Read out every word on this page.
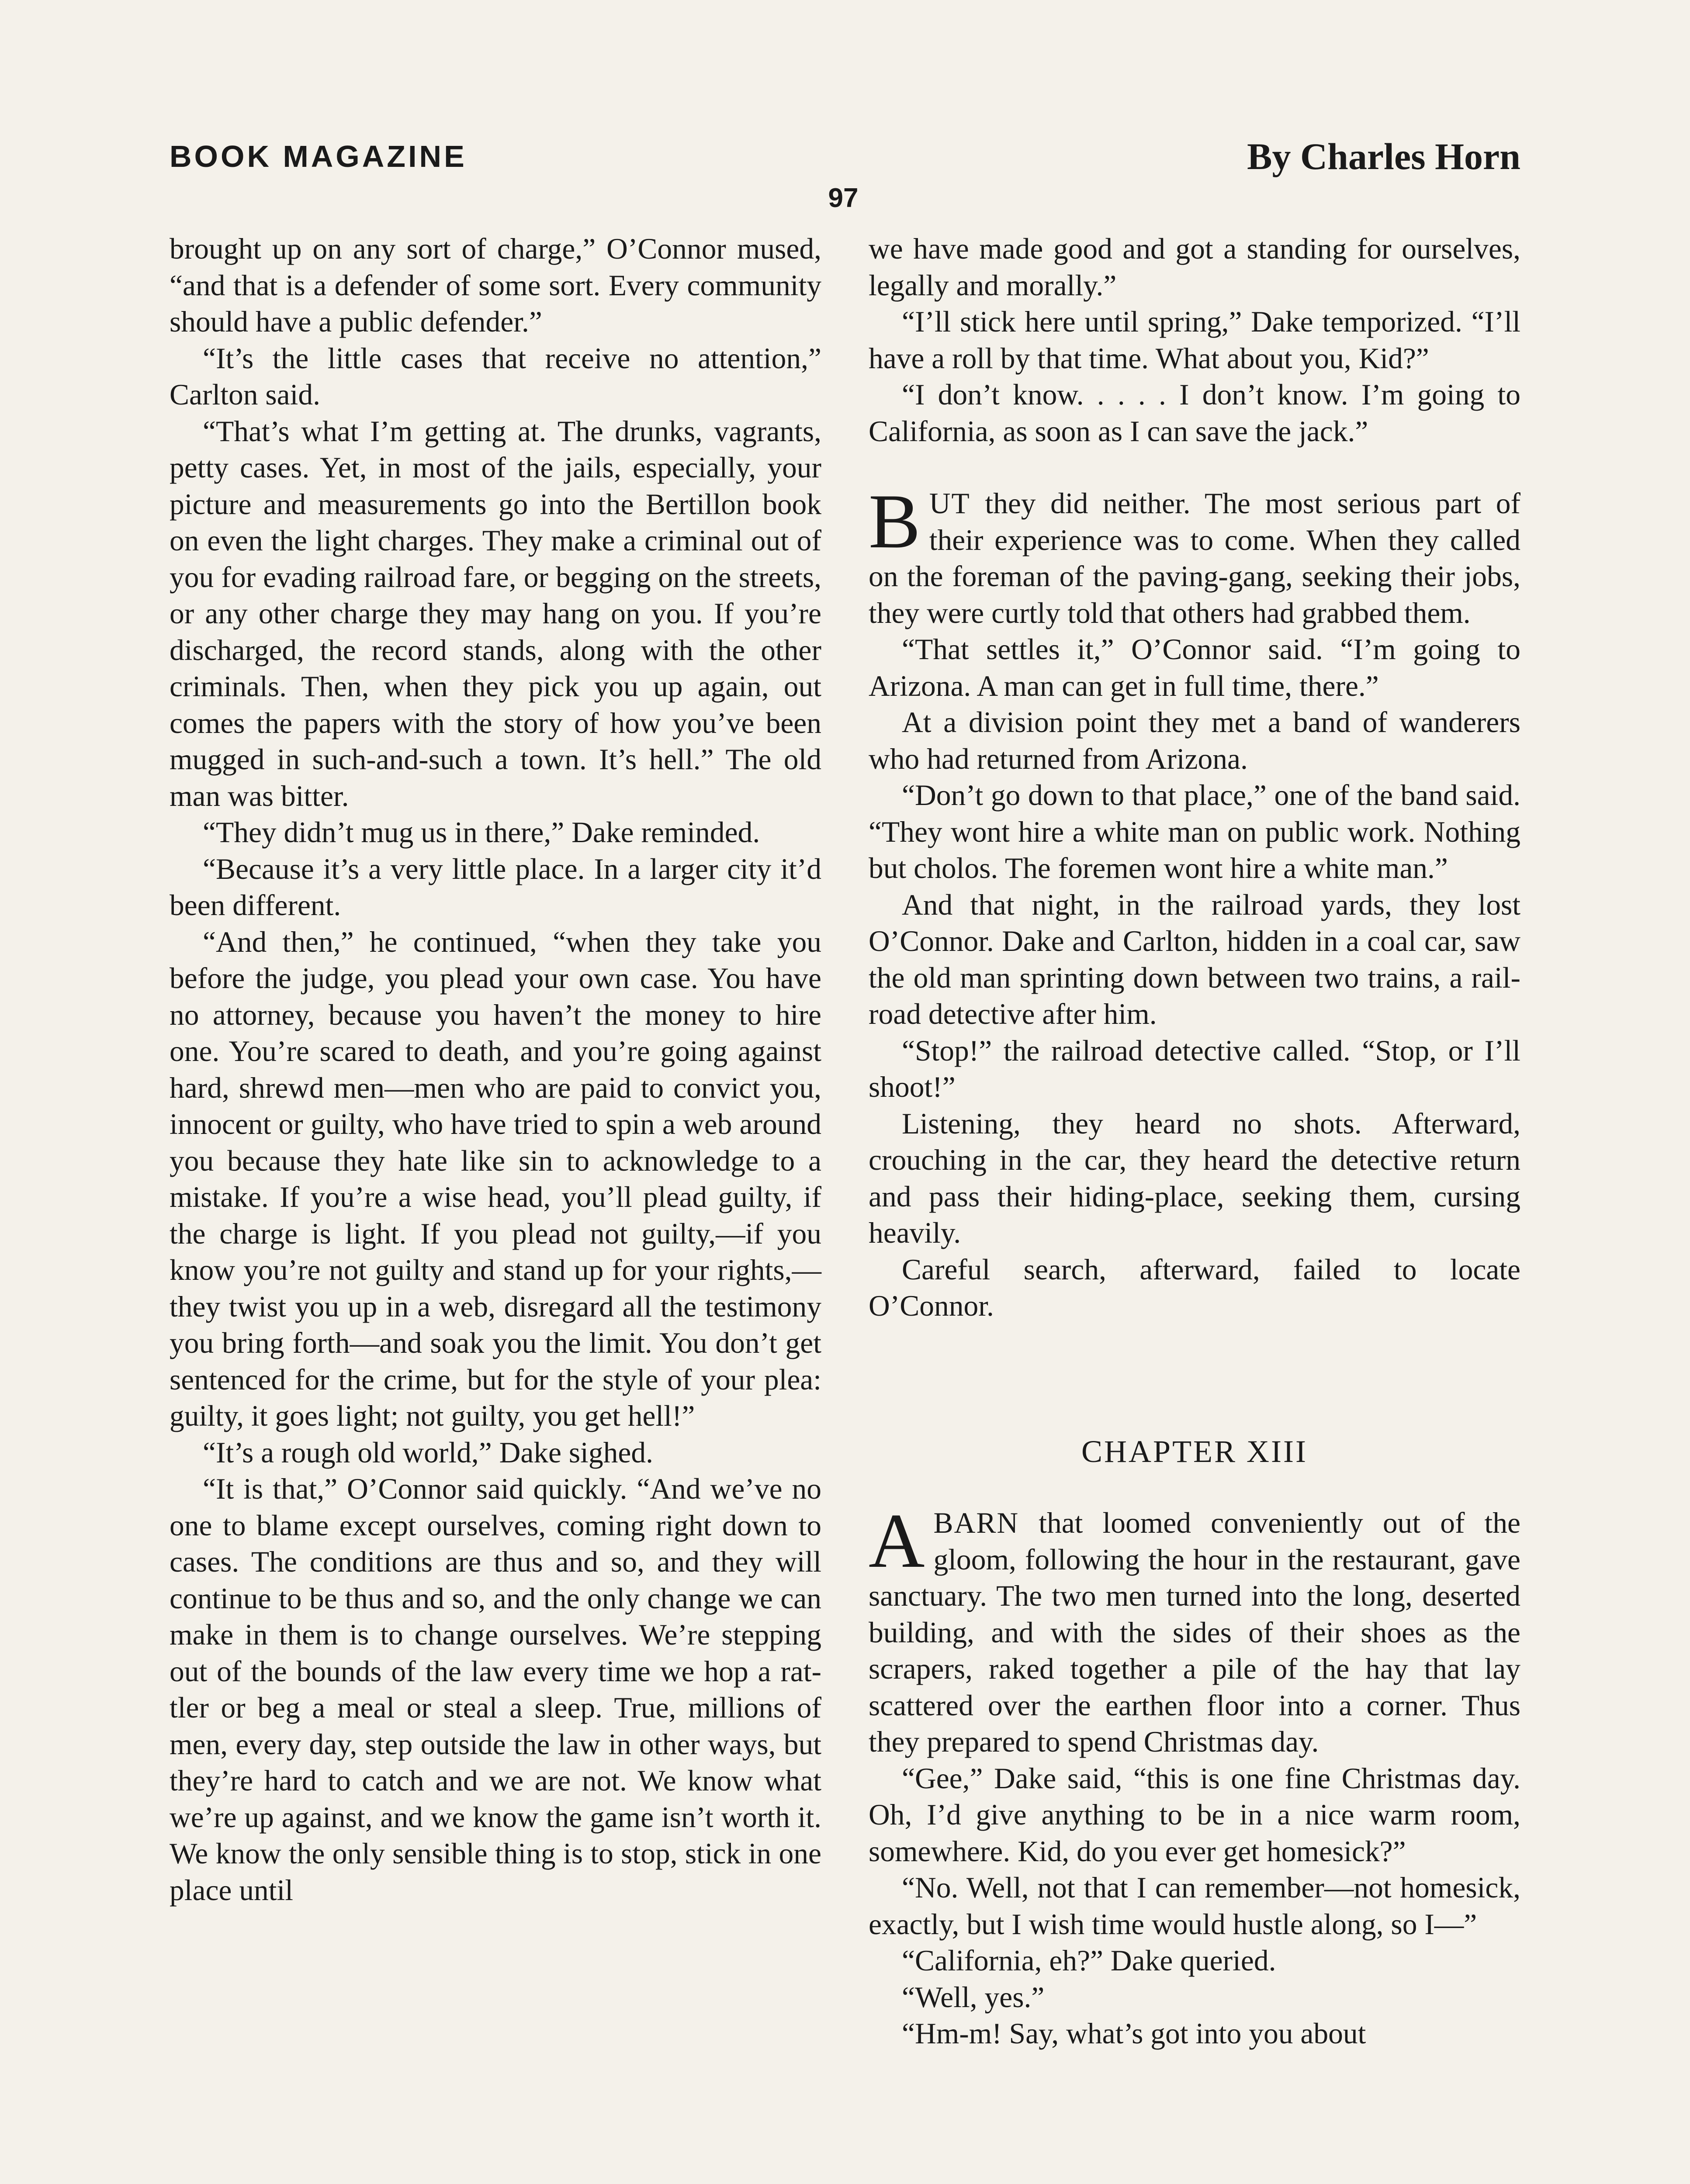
BOOK MAGAZINE	By Charles Horn
97

brought up on any sort of charge,” O’Connor mused, “and that is a defender of some sort. Every community should have a public defender.”

“It’s the little cases that receive no attention,” Carlton said.

“That’s what I’m getting at. The drunks, vagrants, petty cases. Yet, in most of the jails, especially, your picture and measurements go into the Bertillon book on even the light charges. They make a criminal out of you for evading railroad fare, or begging on the streets, or any other charge they may hang on you. If you’re discharged, the record stands, along with the other criminals. Then, when they pick you up again, out comes the papers with the story of how you’ve been mugged in such-and-such a town. It’s hell.” The old man was bitter.

“They didn’t mug us in there,” Dake reminded.

“Because it’s a very little place. In a larger city it’d been different.

“And then,” he continued, “when they take you before the judge, you plead your own case. You have no attorney, because you haven’t the money to hire one. You’re scared to death, and you’re going against hard, shrewd men—men who are paid to convict you, innocent or guilty, who have tried to spin a web around you because they hate like sin to acknowledge to a mistake. If you’re a wise head, you’ll plead guilty, if the charge is light. If you plead not guilty,—if you know you’re not guilty and stand up for your rights,—they twist you up in a web, disregard all the testimony you bring forth—and soak you the limit. You don’t get sentenced for the crime, but for the style of your plea: guilty, it goes light; not guilty, you get hell!”

“It’s a rough old world,” Dake sighed.

“It is that,” O’Connor said quickly. “And we’ve no one to blame except ourselves, coming right down to cases. The conditions are thus and so, and they will continue to be thus and so, and the only change we can make in them is to change ourselves. We’re stepping out of the bounds of the law every time we hop a rattler or beg a meal or steal a sleep. True, millions of men, every day, step outside the law in other ways, but they’re hard to catch and we are not. We know what we’re up against, and we know the game isn’t worth it. We know the only sensible thing is to stop, stick in one place until

we have made good and got a standing for ourselves, legally and morally.”

“I’ll stick here until spring,” Dake temporized. “I’ll have a roll by that time. What about you, Kid?”

“I don’t know. . . . . I don’t know. I’m going to California, as soon as I can save the jack.”

BUT they did neither. The most serious part of their experience was to come. When they called on the foreman of the paving-gang, seeking their jobs, they were curtly told that others had grabbed them.

“That settles it,” O’Connor said. “I’m going to Arizona. A man can get in full time, there.”

At a division point they met a band of wanderers who had returned from Arizona.

“Don’t go down to that place,” one of the band said. “They wont hire a white man on public work. Nothing but cholos. The foremen wont hire a white man.”

And that night, in the railroad yards, they lost O’Connor. Dake and Carlton, hidden in a coal car, saw the old man sprinting down between two trains, a railroad detective after him.

“Stop!” the railroad detective called. “Stop, or I’ll shoot!”

Listening, they heard no shots. Afterward, crouching in the car, they heard the detective return and pass their hiding-place, seeking them, cursing heavily.

Careful search, afterward, failed to locate O’Connor.

CHAPTER XIII

ABARN that loomed conveniently out of the gloom, following the hour in the restaurant, gave sanctuary. The two men turned into the long, deserted building, and with the sides of their shoes as the scrapers, raked together a pile of the hay that lay scattered over the earthen floor into a corner. Thus they prepared to spend Christmas day.

“Gee,” Dake said, “this is one fine Christmas day. Oh, I’d give anything to be in a nice warm room, somewhere. Kid, do you ever get homesick?”

“No. Well, not that I can remember—not homesick, exactly, but I wish time would hustle along, so I—”

“California, eh?” Dake queried.

“Well, yes.”

“Hm-m! Say, what’s got into you about
